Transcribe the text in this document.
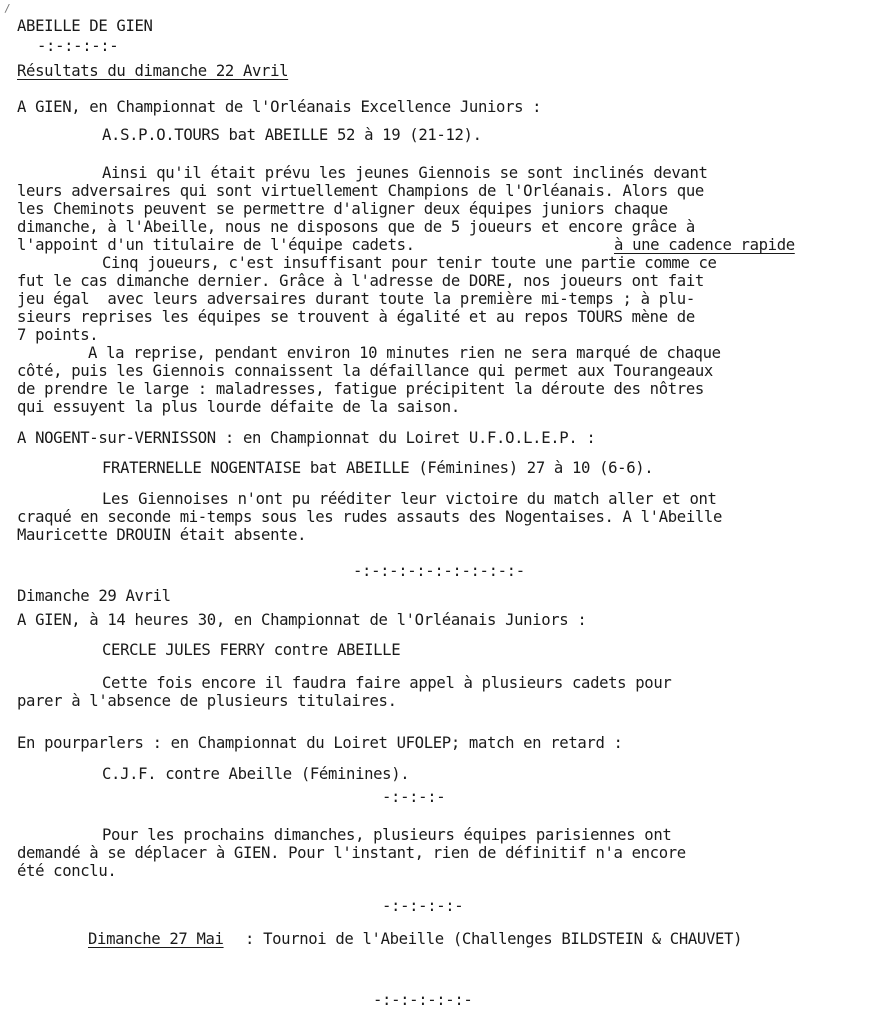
/
ABEILLE DE GIEN
-:-:-:-:-
Résultats du dimanche 22 Avril
A GIEN, en Championnat de l'Orléanais Excellence Juniors :
A.S.P.O.TOURS bat ABEILLE 52 à 19 (21-12).
Ainsi qu'il était prévu les jeunes Giennois se sont inclinés devant
leurs adversaires qui sont virtuellement Champions de l'Orléanais. Alors que
les Cheminots peuvent se permettre d'aligner deux équipes juniors chaque
dimanche, à l'Abeille, nous ne disposons que de 5 joueurs et encore grâce à
l'appoint d'un titulaire de l'équipe cadets.	à une cadence rapide
Cinq joueurs, c'est insuffisant pour tenir toute une partie comme ce
fut le cas dimanche dernier. Grâce à l'adresse de DORE, nos joueurs ont fait
jeu égal  avec leurs adversaires durant toute la première mi-temps ; à plu-
sieurs reprises les équipes se trouvent à égalité et au repos TOURS mène de
7 points.
A la reprise, pendant environ 10 minutes rien ne sera marqué de chaque
côté, puis les Giennois connaissent la défaillance qui permet aux Tourangeaux
de prendre le large : maladresses, fatigue précipitent la déroute des nôtres
qui essuyent la plus lourde défaite de la saison.
A NOGENT-sur-VERNISSON : en Championnat du Loiret U.F.O.L.E.P. :
FRATERNELLE NOGENTAISE bat ABEILLE (Féminines) 27 à 10 (6-6).
Les Giennoises n'ont pu rééditer leur victoire du match aller et ont
craqué en seconde mi-temps sous les rudes assauts des Nogentaises. A l'Abeille
Mauricette DROUIN était absente.
-:-:-:-:-:-:-:-:-:-
Dimanche 29 Avril
A GIEN, à 14 heures 30, en Championnat de l'Orléanais Juniors :
CERCLE JULES FERRY contre ABEILLE
Cette fois encore il faudra faire appel à plusieurs cadets pour
parer à l'absence de plusieurs titulaires.
En pourparlers : en Championnat du Loiret UFOLEP; match en retard :
C.J.F. contre Abeille (Féminines).
-:-:-:-
Pour les prochains dimanches, plusieurs équipes parisiennes ont
demandé à se déplacer à GIEN. Pour l'instant, rien de définitif n'a encore
été conclu.
-:-:-:-:-
Dimanche 27 Mai : Tournoi de l'Abeille (Challenges BILDSTEIN & CHAUVET)
-:-:-:-:-:-
